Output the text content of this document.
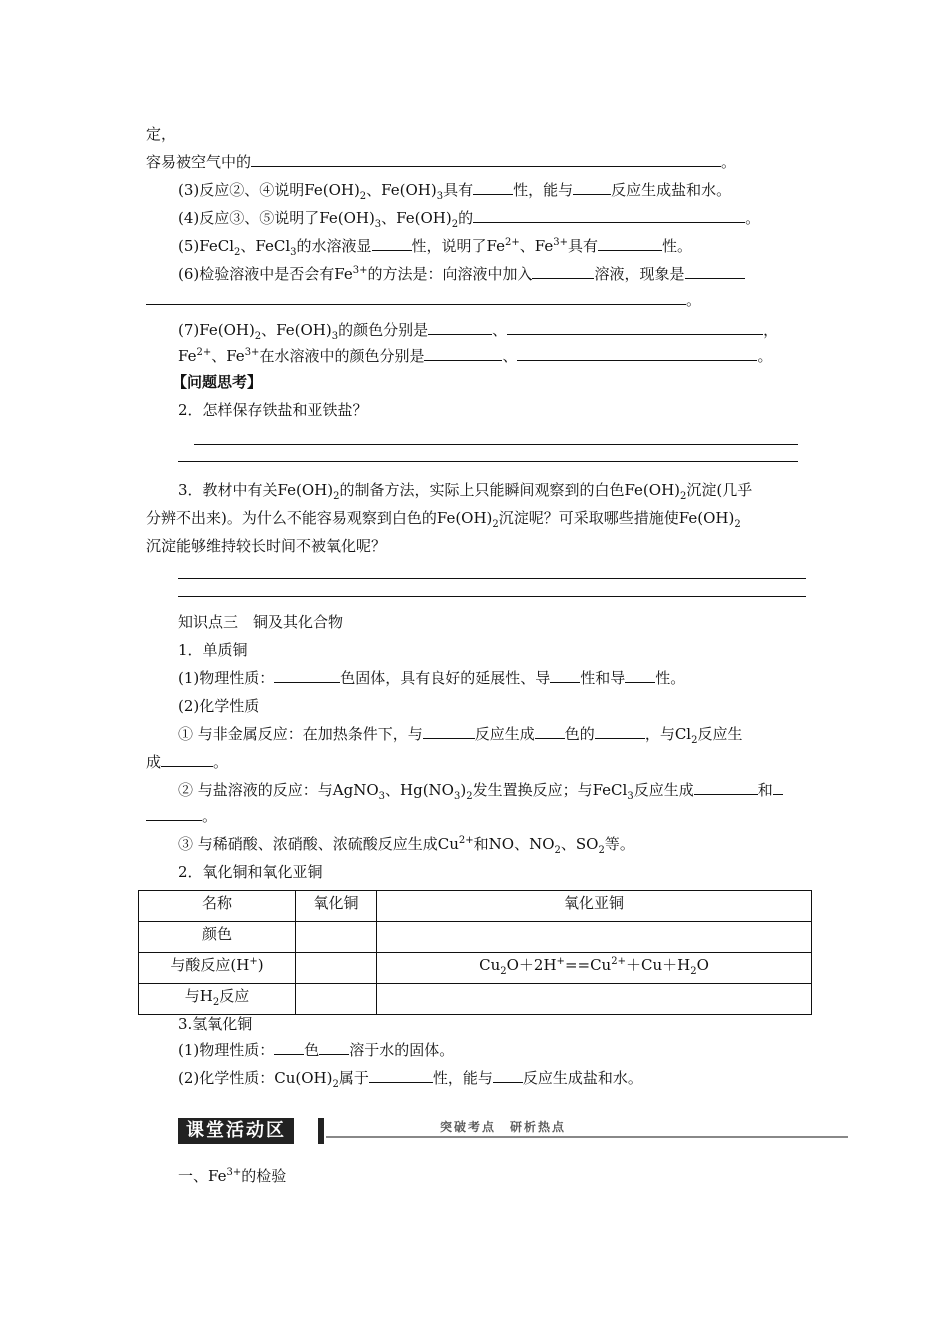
定，
容易被空气中的	。
(3)反应②、④说明$Fe(OH)_2$、$Fe(OH)_3$具有	性，能与	反应生成盐和水。
(4)反应③、⑤说明了$Fe(OH)_3$、$Fe(OH)_2$的	。
(5)FeCl$_2$、FeCl$_3$的水溶液显	性，说明了$Fe^{2+}$、$Fe^{3+}$具有	性。
(6)检验溶液中是否会有$Fe^{3+}$的方法是：向溶液中加入	溶液，现象是
。
$(7)Fe(OH)_2$、$Fe(OH)_3$的颜色分别是	、	，
$Fe^{2+}$、$Fe^{3+}$在水溶液中的颜色分别是	、	。
【问题思考】
2．怎样保存铁盐和亚铁盐？
3．教材中有关$Fe(OH)_2$的制备方法，实际上只能瞬间观察到的白色$Fe(OH)_2$沉淀(几乎
分辨不出来)。为什么不能容易观察到白色的$Fe(OH)_2$沉淀呢？可采取哪些措施使$Fe(OH)_2$
沉淀能够维持较长时间不被氧化呢？
知识点三　铜及其化合物
1．单质铜
(1)物理性质：	色固体，具有良好的延展性、导 性和导 性。
(2)化学性质
① 与非金属反应：在加热条件下，与	反应生成 色的	，与$Cl_2$反应生
成	。
② 与盐溶液的反应：与AgNO$_3$、$Hg(NO_3)_2$发生置换反应；与FeCl$_3$反应生成	和
。
③ 与稀硝酸、浓硝酸、浓硫酸反应生成$Cu^{2+}$和NO、$NO_2$、$SO_2$等。
2．氧化铜和氧化亚铜
名称	氧化铜	氧化亚铜
颜色		
与酸反应(H+)		$Cu_2O+2H^+==Cu^{2+}+Cu+H_2O$
与$H_2$反应		
3.氢氧化铜
(1)物理性质： 色 溶于水的固体。
(2)化学性质：$Cu(OH)_2$属于	性，能与 反应生成盐和水。
课堂活动区	突破考点　研析热点
一、$Fe^{3+}$的检验
